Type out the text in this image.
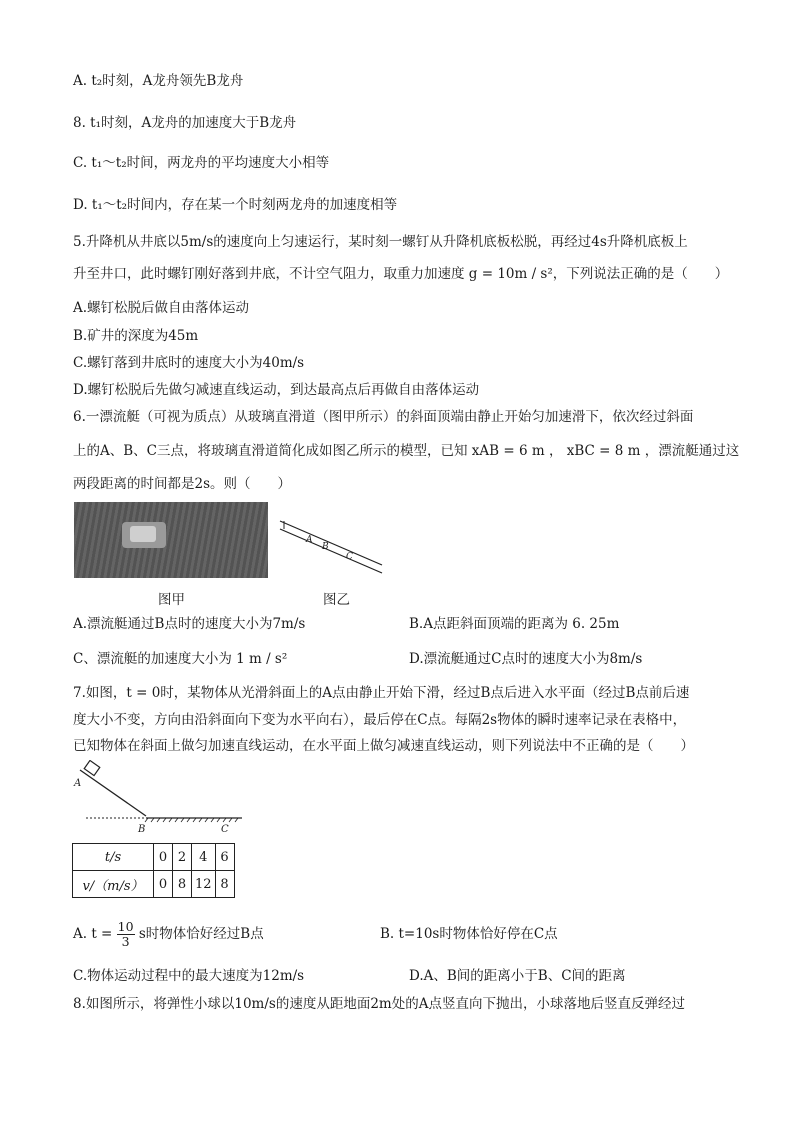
A. t₂时刻，A龙舟领先B龙舟
8. t₁时刻，A龙舟的加速度大于B龙舟
C. t₁～t₂时间，两龙舟的平均速度大小相等
D. t₁～t₂时间内，存在某一个时刻两龙舟的加速度相等
5.升降机从井底以5m/s的速度向上匀速运行，某时刻一螺钉从升降机底板松脱，再经过4s升降机底板上
升至井口，此时螺钉刚好落到井底，不计空气阻力，取重力加速度 g = 10m / s²，下列说法正确的是（　　）
A.螺钉松脱后做自由落体运动
B.矿井的深度为45m
C.螺钉落到井底时的速度大小为40m/s
D.螺钉松脱后先做匀减速直线运动，到达最高点后再做自由落体运动
6.一漂流艇（可视为质点）从玻璃直滑道（图甲所示）的斜面顶端由静止开始匀加速滑下，依次经过斜面
上的A、B、C三点，将玻璃直滑道简化成如图乙所示的模型，已知 xAB = 6 m ， xBC = 8 m ，漂流艇通过这
两段距离的时间都是2s。则（　　）
图甲
A
B
C
图乙
A.漂流艇通过B点时的速度大小为7m/s	B.A点距斜面顶端的距离为 6. 25m
C、漂流艇的加速度大小为 1 m / s²	D.漂流艇通过C点时的速度大小为8m/s
7.如图，t = 0时，某物体从光滑斜面上的A点由静止开始下滑，经过B点后进入水平面（经过B点前后速
度大小不变，方向由沿斜面向下变为水平向右），最后停在C点。每隔2s物体的瞬时速率记录在表格中，
已知物体在斜面上做匀加速直线运动，在水平面上做匀减速直线运动，则下列说法中不正确的是（　　）
A
B	C
t/s	0	2	4	6
v/（m/s）	0	8	12	8
A. $t = \frac{10}{3}$ s时物体恰好经过B点	B. t=10s时物体恰好停在C点
C.物体运动过程中的最大速度为12m/s	D.A、B间的距离小于B、C间的距离
8.如图所示，将弹性小球以10m/s的速度从距地面2m处的A点竖直向下抛出，小球落地后竖直反弹经过
